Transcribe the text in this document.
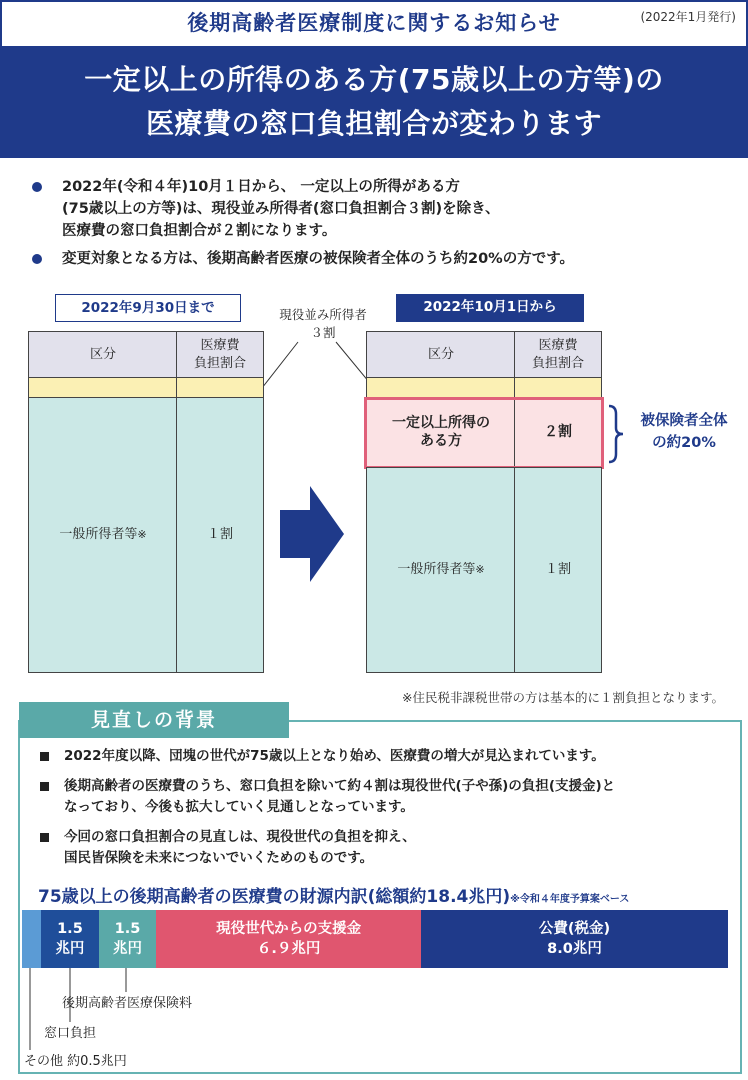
後期高齢者医療制度に関するお知らせ	(2022年1月発行)
一定以上の所得のある方(75歳以上の方等)の
医療費の窓口負担割合が変わります
2022年(令和４年)10月１日から、 一定以上の所得がある方
(75歳以上の方等)は、現役並み所得者(窓口負担割合３割)を除き、
医療費の窓口負担割合が２割になります。
変更対象となる方は、後期高齢者医療の被保険者全体のうち約20%の方です。
2022年9月30日まで	2022年10月1日から
現役並み所得者
３割
区分
医療費
負担割合
一般所得者等 ※	１割
区分
医療費
負担割合
一定以上所得の
ある方
２割
一般所得者等 ※	１割
被保険者全体
の約20%
※住民税非課税世帯の方は基本的に１割負担となります。
見直しの背景
2022年度以降、団塊の世代が75歳以上となり始め、医療費の増大が見込まれています。
後期高齢者の医療費のうち、窓口負担を除いて約４割は現役世代(子や孫)の負担(支援金)と
なっており、今後も拡大していく見通しとなっています。
今回の窓口負担割合の見直しは、現役世代の負担を抑え、
国民皆保険を未来につないでいくためのものです。
75歳以上の後期高齢者の医療費の財源内訳(総額約18.4兆円)※令和４年度予算案ベース
1.5
兆円
1.5
兆円
現役世代からの支援金
６.９兆円
公費(税金)
8.0兆円
後期高齢者医療保険料
窓口負担
その他 約0.5兆円
